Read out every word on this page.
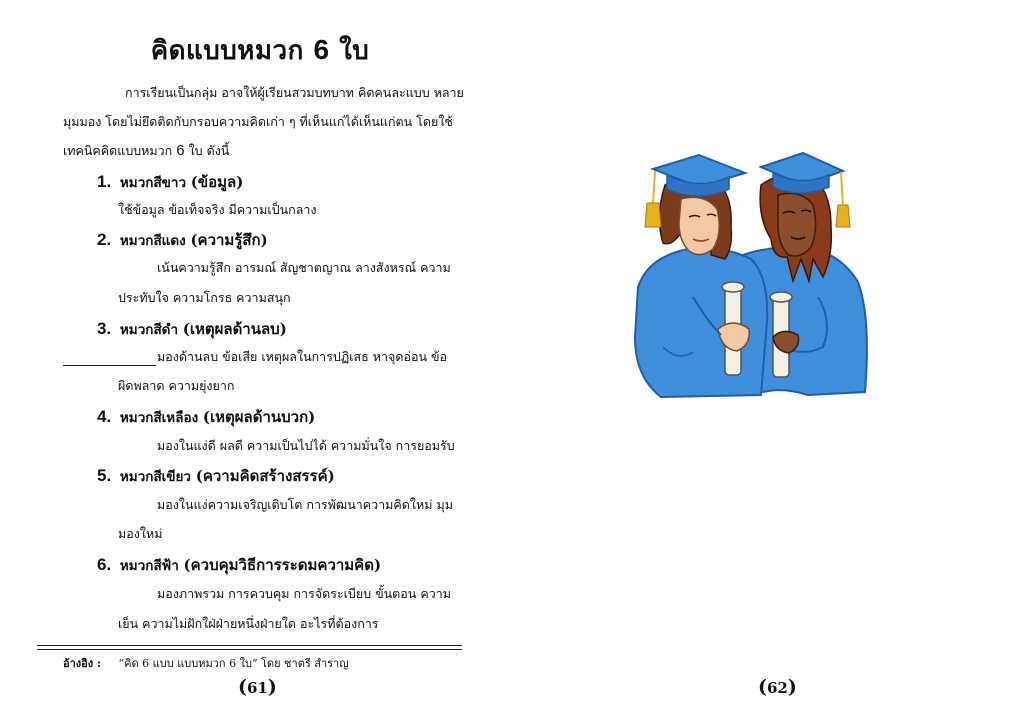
คิดแบบหมวก 6 ใบ
การเรียนเป็นกลุ่ม อาจให้ผู้เรียนสวมบทบาท คิดคนละแบบ หลาย
มุมมอง โดยไม่ยึดติดกับกรอบความคิดเก่า ๆ ที่เห็นแก่ได้เห็นแก่ตน โดยใช้
เทคนิคคิดแบบหมวก 6 ใบ ดังนี้
1. หมวกสีขาว (ข้อมูล)
ใช้ข้อมูล ข้อเท็จจริง มีความเป็นกลาง
2. หมวกสีแดง (ความรู้สึก)
เน้นความรู้สึก อารมณ์ สัญชาตญาณ ลางสังหรณ์ ความ
ประทับใจ ความโกรธ ความสนุก
3. หมวกสีดำ (เหตุผลด้านลบ)
มองด้านลบ ข้อเสีย เหตุผลในการปฏิเสธ หาจุดอ่อน ข้อ
ผิดพลาด ความยุ่งยาก
4. หมวกสีเหลือง (เหตุผลด้านบวก)
มองในแง่ดี ผลดี ความเป็นไปได้ ความมั่นใจ การยอมรับ
5. หมวกสีเขียว (ความคิดสร้างสรรค์)
มองในแง่ความเจริญเติบโต การพัฒนาความคิดใหม่ มุม
มองใหม่
6. หมวกสีฟ้า (ควบคุมวิธีการระดมความคิด)
มองภาพรวม การควบคุม การจัดระเบียบ ขั้นตอน ความ
เย็น ความไม่ฝักใฝ่ฝ่ายหนึ่งฝ่ายใด อะไรที่ต้องการ
อ้างอิง : “คิด 6 แบบ แบบหมวก 6 ใบ” โดย ชาตรี สำราญ
(61)	(62)
